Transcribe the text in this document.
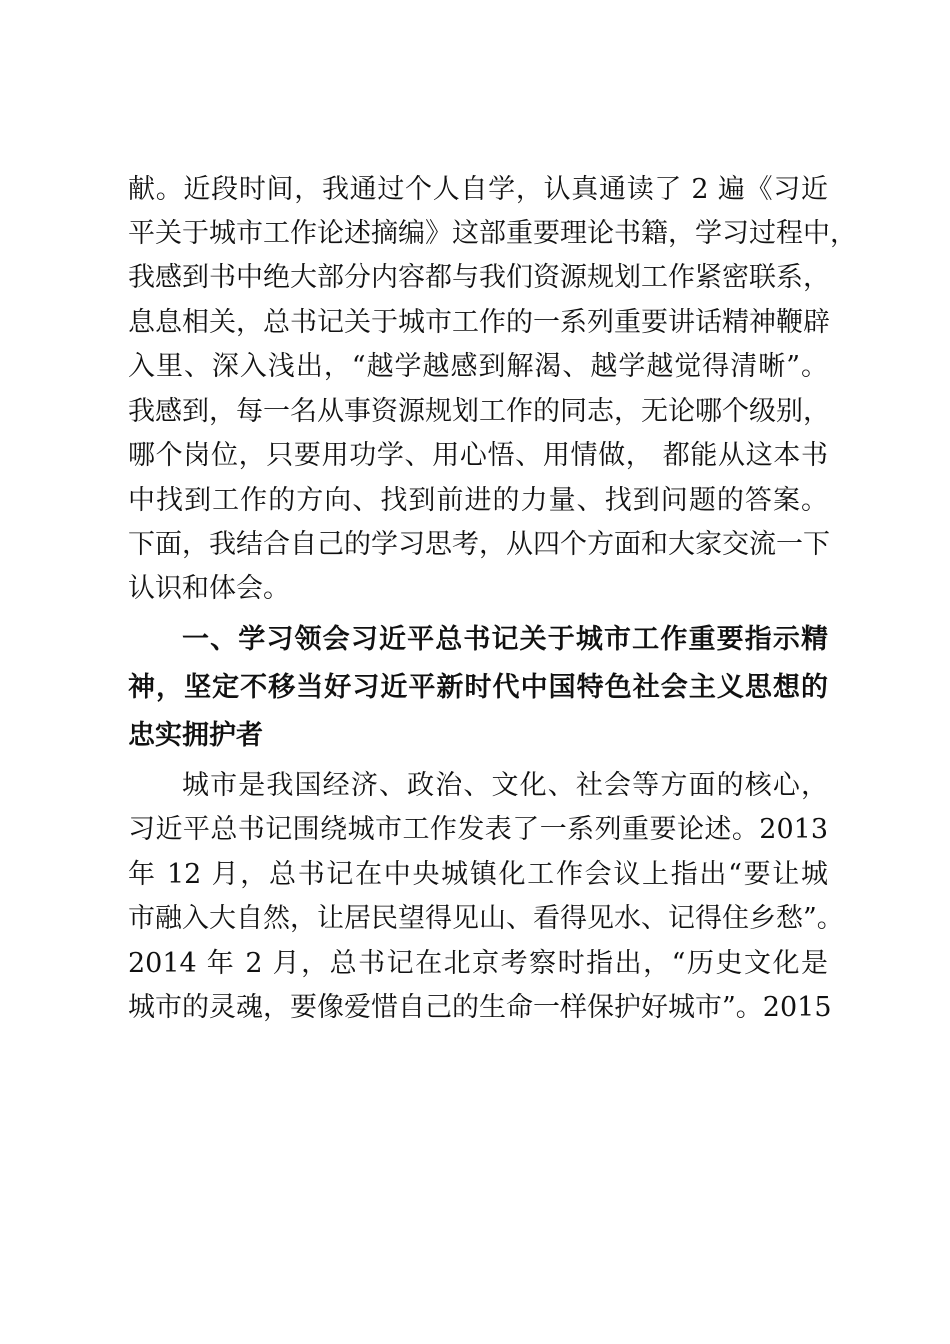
献。近段时间，我通过个人自学，认真通读了 2 遍《习近
平关于城市工作论述摘编》这部重要理论书籍，学习过程中，
我感到书中绝大部分内容都与我们资源规划工作紧密联系，
息息相关，总书记关于城市工作的一系列重要讲话精神鞭辟
入里、深入浅出，“越学越感到解渴、越学越觉得清晰”。
我感到，每一名从事资源规划工作的同志，无论哪个级别，
哪个岗位，只要用功学、用心悟、用情做， 都能从这本书
中找到工作的方向、找到前进的力量、找到问题的答案。
下面，我结合自己的学习思考，从四个方面和大家交流一下
认识和体会。
一、学习领会习近平总书记关于城市工作重要指示精
神，坚定不移当好习近平新时代中国特色社会主义思想的
忠实拥护者
城市是我国经济、政治、文化、社会等方面的核心，
习近平总书记围绕城市工作发表了一系列重要论述。2013
年 12 月，总书记在中央城镇化工作会议上指出“要让城
市融入大自然，让居民望得见山、看得见水、记得住乡愁”。
2014 年 2 月，总书记在北京考察时指出，“历史文化是
城市的灵魂，要像爱惜自己的生命一样保护好城市”。2015
